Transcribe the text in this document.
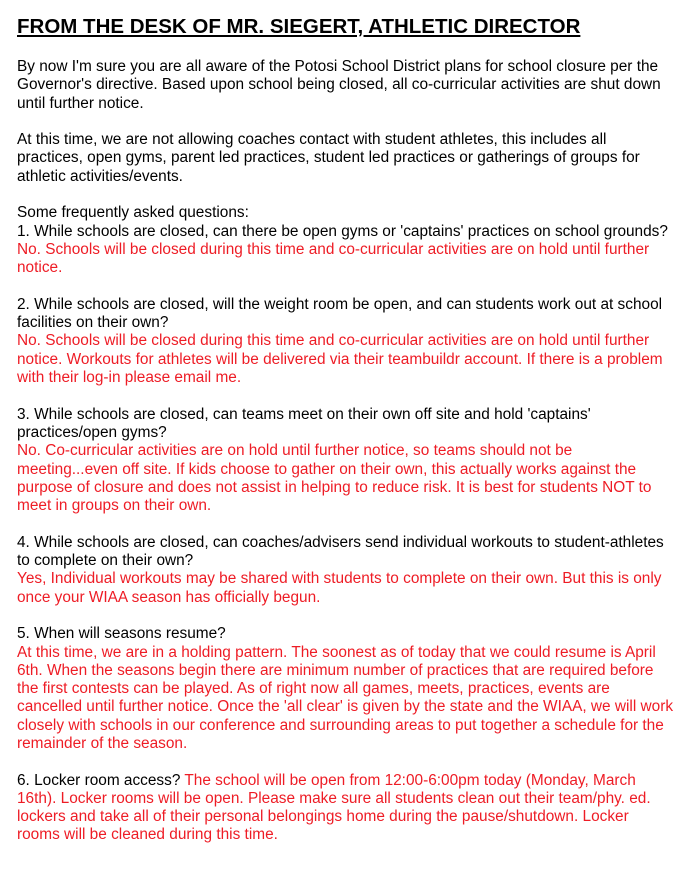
FROM THE DESK OF MR. SIEGERT, ATHLETIC DIRECTOR

By now I'm sure you are all aware of the Potosi School District plans for school closure per the Governor's directive. Based upon school being closed, all co-curricular activities are shut down until further notice.

At this time, we are not allowing coaches contact with student athletes, this includes all practices, open gyms, parent led practices, student led practices or gatherings of groups for athletic activities/events.

Some frequently asked questions:

1. While schools are closed, can there be open gyms or 'captains' practices on school grounds?

No. Schools will be closed during this time and co-curricular activities are on hold until further notice.

2. While schools are closed, will the weight room be open, and can students work out at school facilities on their own?

No. Schools will be closed during this time and co-curricular activities are on hold until further notice. Workouts for athletes will be delivered via their teambuildr account. If there is a problem with their log-in please email me.

3. While schools are closed, can teams meet on their own off site and hold 'captains' practices/open gyms?

No. Co-curricular activities are on hold until further notice, so teams should not be meeting...even off site. If kids choose to gather on their own, this actually works against the purpose of closure and does not assist in helping to reduce risk. It is best for students NOT to meet in groups on their own.

4. While schools are closed, can coaches/advisers send individual workouts to student-athletes to complete on their own?

Yes, Individual workouts may be shared with students to complete on their own. But this is only once your WIAA season has officially begun.

5. When will seasons resume?

At this time, we are in a holding pattern. The soonest as of today that we could resume is April 6th. When the seasons begin there are minimum number of practices that are required before the first contests can be played. As of right now all games, meets, practices, events are cancelled until further notice. Once the 'all clear' is given by the state and the WIAA, we will work closely with schools in our conference and surrounding areas to put together a schedule for the remainder of the season.

6. Locker room access? The school will be open from 12:00-6:00pm today (Monday, March 16th). Locker rooms will be open. Please make sure all students clean out their team/phy. ed. lockers and take all of their personal belongings home during the pause/shutdown. Locker rooms will be cleaned during this time.
